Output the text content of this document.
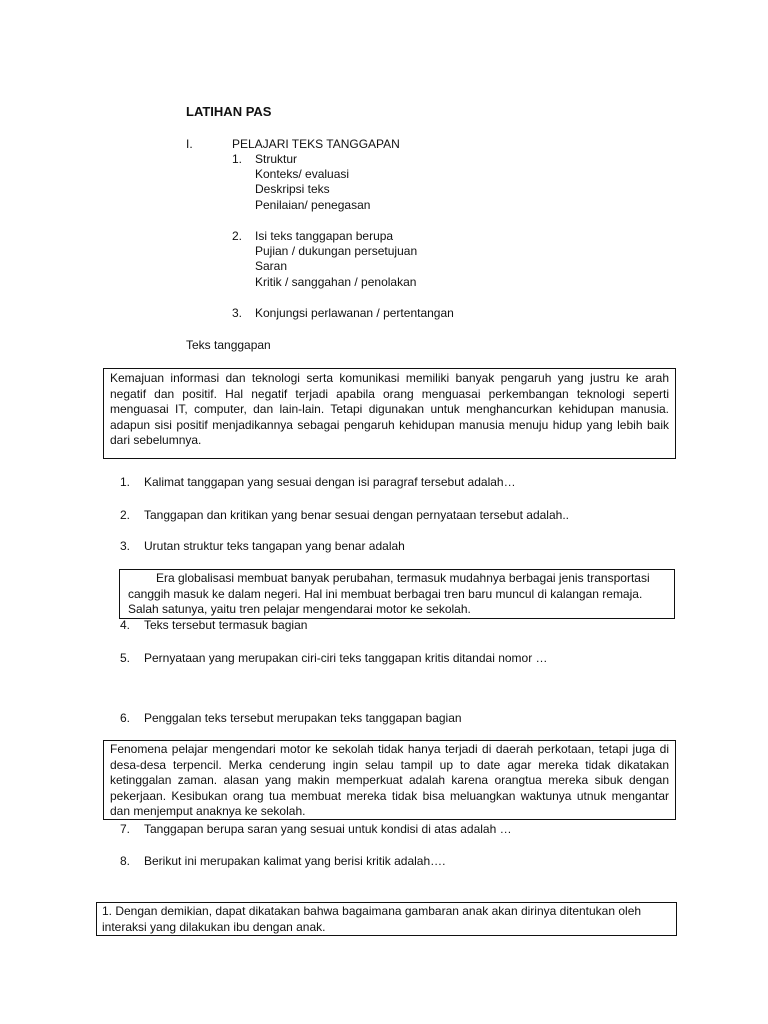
LATIHAN PAS
I.	PELAJARI TEKS TANGGAPAN
1. Struktur
Konteks/ evaluasi
Deskripsi teks
Penilaian/ penegasan
2. Isi teks tanggapan berupa
Pujian / dukungan persetujuan
Saran
Kritik / sanggahan / penolakan
3. Konjungsi perlawanan / pertentangan
Teks tanggapan

Kemajuan informasi dan teknologi serta komunikasi memiliki banyak pengaruh yang justru ke arah negatif dan positif. Hal negatif terjadi apabila orang menguasai perkembangan teknologi seperti menguasai IT, computer, dan lain-lain. Tetapi digunakan untuk menghancurkan kehidupan manusia. adapun sisi positif menjadikannya sebagai pengaruh kehidupan manusia menuju hidup yang lebih baik dari sebelumnya.

1. Kalimat tanggapan yang sesuai dengan isi paragraf tersebut adalah…
2. Tanggapan dan kritikan yang benar sesuai dengan pernyataan tersebut adalah..
3. Urutan struktur teks tangapan yang benar adalah

Era globalisasi membuat banyak perubahan, termasuk mudahnya berbagai jenis transportasi

canggih masuk ke dalam negeri. Hal ini membuat berbagai tren baru muncul di kalangan remaja.

Salah satunya, yaitu tren pelajar mengendarai motor ke sekolah.

4. Teks tersebut termasuk bagian
5. Pernyataan yang merupakan ciri-ciri teks tanggapan kritis ditandai nomor …
6. Penggalan teks tersebut merupakan teks tanggapan bagian

Fenomena pelajar mengendari motor ke sekolah tidak hanya terjadi di daerah perkotaan, tetapi juga di desa-desa terpencil. Merka cenderung ingin selau tampil up to date agar mereka tidak dikatakan ketinggalan zaman. alasan yang makin memperkuat adalah karena orangtua mereka sibuk dengan pekerjaan. Kesibukan orang tua membuat mereka tidak bisa meluangkan waktunya utnuk mengantar dan menjemput anaknya ke sekolah.

7. Tanggapan berupa saran yang sesuai untuk kondisi di atas adalah …
8. Berikut ini merupakan kalimat yang berisi kritik adalah….

1. Dengan demikian, dapat dikatakan bahwa bagaimana gambaran anak akan dirinya ditentukan oleh interaksi yang dilakukan ibu dengan anak.
